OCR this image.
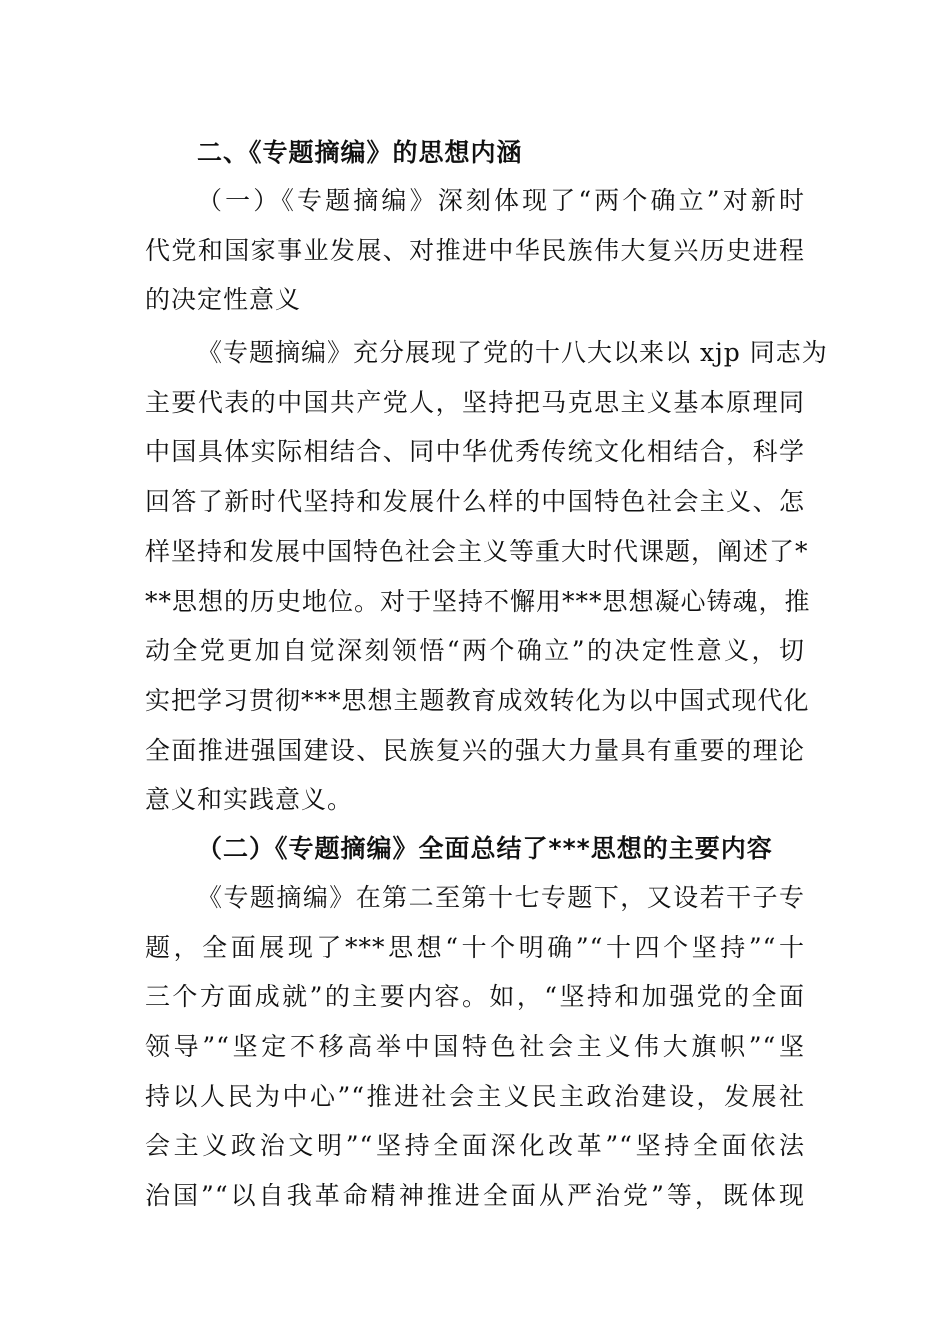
二、《专题摘编》的思想内涵
（一）《专题摘编》深刻体现了“两个确立”对新时
代党和国家事业发展、对推进中华民族伟大复兴历史进程
的决定性意义
《专题摘编》充分展现了党的十八大以来以 xjp 同志为
主要代表的中国共产党人，坚持把马克思主义基本原理同
中国具体实际相结合、同中华优秀传统文化相结合，科学
回答了新时代坚持和发展什么样的中国特色社会主义、怎
样坚持和发展中国特色社会主义等重大时代课题，阐述了*
**思想的历史地位。对于坚持不懈用***思想凝心铸魂，推
动全党更加自觉深刻领悟“两个确立”的决定性意义，切
实把学习贯彻***思想主题教育成效转化为以中国式现代化
全面推进强国建设、民族复兴的强大力量具有重要的理论
意义和实践意义。
（二）《专题摘编》全面总结了***思想的主要内容
《专题摘编》在第二至第十七专题下，又设若干子专
题，全面展现了***思想“十个明确”“十四个坚持”“十
三个方面成就”的主要内容。如，“坚持和加强党的全面
领导”“坚定不移高举中国特色社会主义伟大旗帜”“坚
持以人民为中心”“推进社会主义民主政治建设，发展社
会主义政治文明”“坚持全面深化改革”“坚持全面依法
治国”“以自我革命精神推进全面从严治党”等，既体现
